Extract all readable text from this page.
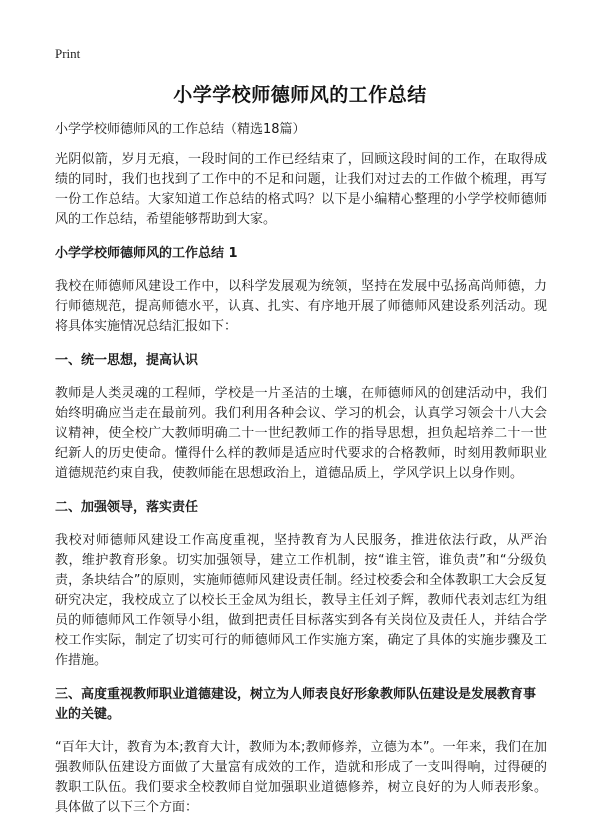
Print
小学学校师德师风的工作总结
小学学校师德师风的工作总结（精选18篇）
光阴似箭，岁月无痕，一段时间的工作已经结束了，回顾这段时间的工作，在取得成绩的同时，我们也找到了工作中的不足和问题，让我们对过去的工作做个梳理，再写一份工作总结。大家知道工作总结的格式吗？以下是小编精心整理的小学学校师德师风的工作总结，希望能够帮助到大家。
小学学校师德师风的工作总结 1
我校在师德师风建设工作中，以科学发展观为统领，坚持在发展中弘扬高尚师德，力行师德规范，提高师德水平，认真、扎实、有序地开展了师德师风建设系列活动。现将具体实施情况总结汇报如下：
一、统一思想，提高认识
教师是人类灵魂的工程师，学校是一片圣洁的土壤，在师德师风的创建活动中，我们始终明确应当走在最前列。我们利用各种会议、学习的机会，认真学习领会十八大会议精神，使全校广大教师明确二十一世纪教师工作的指导思想，担负起培养二十一世纪新人的历史使命。懂得什么样的教师是适应时代要求的合格教师，时刻用教师职业道德规范约束自我，使教师能在思想政治上，道德品质上，学风学识上以身作则。
二、加强领导，落实责任
我校对师德师风建设工作高度重视，坚持教育为人民服务，推进依法行政，从严治教，维护教育形象。切实加强领导，建立工作机制，按“谁主管，谁负责”和“分级负责，条块结合”的原则，实施师德师风建设责任制。经过校委会和全体教职工大会反复研究决定，我校成立了以校长王金凤为组长，教导主任刘子辉，教师代表刘志红为组员的师德师风工作领导小组，做到把责任目标落实到各有关岗位及责任人，并结合学校工作实际，制定了切实可行的师德师风工作实施方案，确定了具体的实施步骤及工作措施。
三、高度重视教师职业道德建设，树立为人师表良好形象教师队伍建设是发展教育事业的关键。
“百年大计，教育为本;教育大计，教师为本;教师修养，立德为本”。一年来，我们在加强教师队伍建设方面做了大量富有成效的工作，造就和形成了一支叫得响，过得硬的教职工队伍。我们要求全校教师自觉加强职业道德修养，树立良好的为人师表形象。具体做了以下三个方面：
